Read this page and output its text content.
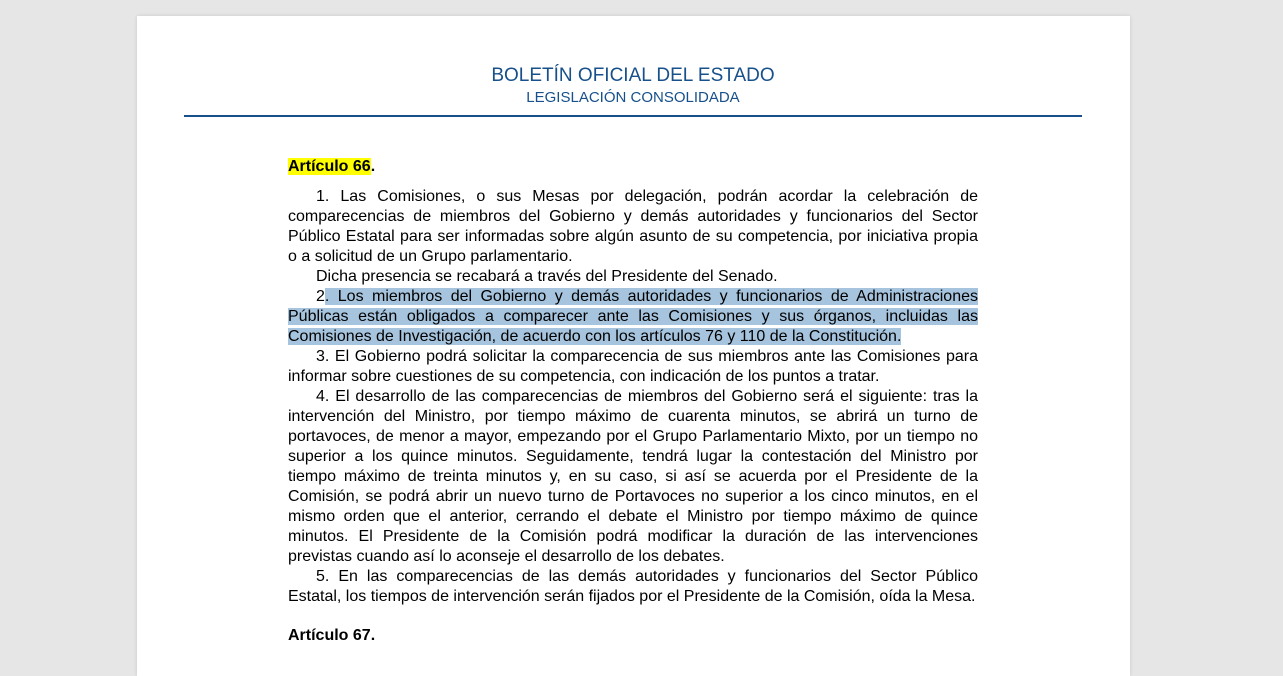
BOLETÍN OFICIAL DEL ESTADO
LEGISLACIÓN CONSOLIDADA
Artículo 66.

1. Las Comisiones, o sus Mesas por delegación, podrán acordar la celebración de comparecencias de miembros del Gobierno y demás autoridades y funcionarios del Sector Público Estatal para ser informadas sobre algún asunto de su competencia, por iniciativa propia o a solicitud de un Grupo parlamentario.

Dicha presencia se recabará a través del Presidente del Senado.

2. Los miembros del Gobierno y demás autoridades y funcionarios de Administraciones Públicas están obligados a comparecer ante las Comisiones y sus órganos, incluidas las Comisiones de Investigación, de acuerdo con los artículos 76 y 110 de la Constitución.

3. El Gobierno podrá solicitar la comparecencia de sus miembros ante las Comisiones para informar sobre cuestiones de su competencia, con indicación de los puntos a tratar.

4. El desarrollo de las comparecencias de miembros del Gobierno será el siguiente: tras la intervención del Ministro, por tiempo máximo de cuarenta minutos, se abrirá un turno de portavoces, de menor a mayor, empezando por el Grupo Parlamentario Mixto, por un tiempo no superior a los quince minutos. Seguidamente, tendrá lugar la contestación del Ministro por tiempo máximo de treinta minutos y, en su caso, si así se acuerda por el Presidente de la Comisión, se podrá abrir un nuevo turno de Portavoces no superior a los cinco minutos, en el mismo orden que el anterior, cerrando el debate el Ministro por tiempo máximo de quince minutos. El Presidente de la Comisión podrá modificar la duración de las intervenciones previstas cuando así lo aconseje el desarrollo de los debates.

5. En las comparecencias de las demás autoridades y funcionarios del Sector Público Estatal, los tiempos de intervención serán fijados por el Presidente de la Comisión, oída la Mesa.

Artículo 67.
